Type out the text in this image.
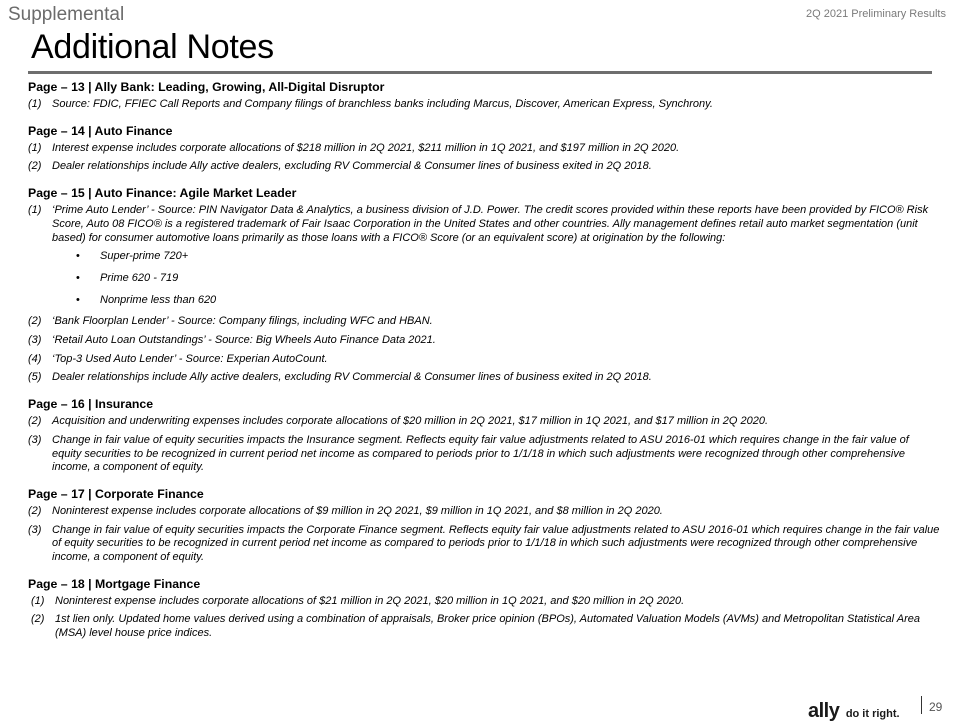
Supplemental	2Q 2021 Preliminary Results
Additional Notes
Page – 13 | Ally Bank: Leading, Growing, All-Digital Disruptor
(1) Source: FDIC, FFIEC Call Reports and Company filings of branchless banks including Marcus, Discover, American Express, Synchrony.
Page – 14 | Auto Finance
(1) Interest expense includes corporate allocations of $218 million in 2Q 2021, $211 million in 1Q 2021, and $197 million in 2Q 2020.
(2) Dealer relationships include Ally active dealers, excluding RV Commercial & Consumer lines of business exited in 2Q 2018.
Page – 15 | Auto Finance: Agile Market Leader
(1) ‘Prime Auto Lender’ - Source: PIN Navigator Data & Analytics, a business division of J.D. Power. The credit scores provided within these reports have been provided by FICO® Risk Score, Auto 08 FICO® is a registered trademark of Fair Isaac Corporation in the United States and other countries. Ally management defines retail auto market segmentation (unit based) for consumer automotive loans primarily as those loans with a FICO® Score (or an equivalent score) at origination by the following:
• Super-prime 720+
• Prime 620 - 719
• Nonprime less than 620
(2) ‘Bank Floorplan Lender’ - Source: Company filings, including WFC and HBAN.
(3) ‘Retail Auto Loan Outstandings’ - Source: Big Wheels Auto Finance Data 2021.
(4) ‘Top-3 Used Auto Lender’ - Source: Experian AutoCount.
(5) Dealer relationships include Ally active dealers, excluding RV Commercial & Consumer lines of business exited in 2Q 2018.
Page – 16 | Insurance
(2) Acquisition and underwriting expenses includes corporate allocations of $20 million in 2Q 2021, $17 million in 1Q 2021, and $17 million in 2Q 2020.
(3) Change in fair value of equity securities impacts the Insurance segment. Reflects equity fair value adjustments related to ASU 2016-01 which requires change in the fair value of equity securities to be recognized in current period net income as compared to periods prior to 1/1/18 in which such adjustments were recognized through other comprehensive income, a component of equity.
Page – 17 | Corporate Finance
(2) Noninterest expense includes corporate allocations of $9 million in 2Q 2021, $9 million in 1Q 2021, and $8 million in 2Q 2020.
(3) Change in fair value of equity securities impacts the Corporate Finance segment. Reflects equity fair value adjustments related to ASU 2016-01 which requires change in the fair value of equity securities to be recognized in current period net income as compared to periods prior to 1/1/18 in which such adjustments were recognized through other comprehensive income, a component of equity.
Page – 18 | Mortgage Finance
(1) Noninterest expense includes corporate allocations of $21 million in 2Q 2021, $20 million in 1Q 2021, and $20 million in 2Q 2020.
(2) 1st lien only. Updated home values derived using a combination of appraisals, Broker price opinion (BPOs), Automated Valuation Models (AVMs) and Metropolitan Statistical Area (MSA) level house price indices.
ally do it right. 29
